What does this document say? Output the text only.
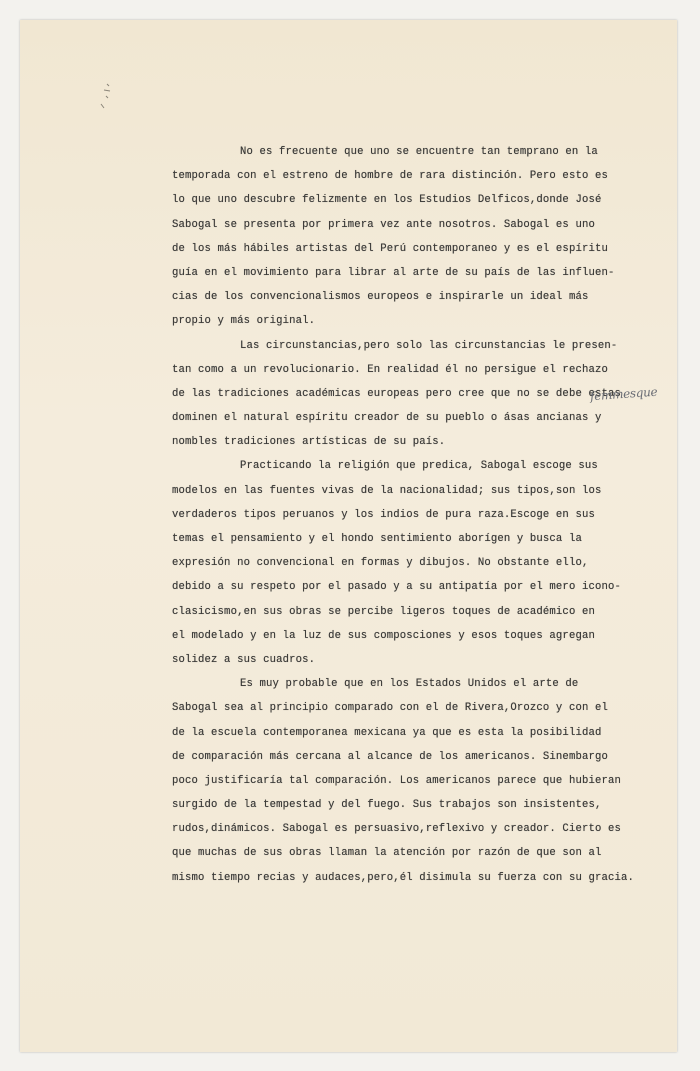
No es frecuente que uno se encuentre tan temprano en la
temporada con el estreno de hombre de rara distinción. Pero esto es
lo que uno descubre felizmente en los Estudios Delficos,donde José
Sabogal se presenta por primera vez ante nosotros. Sabogal es uno
de los más hábiles artistas del Perú contemporaneo y es el espíritu
guía en el movimiento para librar al arte de su país de las influen-
cias de los convencionalismos europeos e inspirarle un ideal más
propio y más original.

Las circunstancias,pero solo las circunstancias le presen-
tan como a un revolucionario. En realidad él no persigue el rechazo
de las tradiciones académicas europeas pero cree que no se debe estas
dominen el natural espíritu creador de su pueblo o ásas ancianas y
nombles tradiciones artísticas de su país.

Practicando la religión que predica, Sabogal escoge sus
modelos en las fuentes vivas de la nacionalidad; sus tipos,son los
verdaderos tipos peruanos y los indios de pura raza.Escoge en sus
temas el pensamiento y el hondo sentimiento aborígen y busca la
expresión no convencional en formas y dibujos. No obstante ello,
debido a su respeto por el pasado y a su antipatía por el mero icono-
clasicismo,en sus obras se percibe ligeros toques de académico en
el modelado y en la luz de sus composciones y esos toques agregan
solidez a sus cuadros.

Es muy probable que en los Estados Unidos el arte de
Sabogal sea al principio comparado con el de Rivera,Orozco y con el
de la escuela contemporanea mexicana ya que es esta la posibilidad
de comparación más cercana al alcance de los americanos. Sinembargo
poco justificaría tal comparación. Los americanos parece que hubieran
surgido de la tempestad y del fuego. Sus trabajos son insistentes,
rudos,dinámicos. Sabogal es persuasivo,reflexivo y creador. Cierto es
que muchas de sus obras llaman la atención por razón de que son al
mismo tiempo recias y audaces,pero,él disimula su fuerza con su gracia.

femmesque
